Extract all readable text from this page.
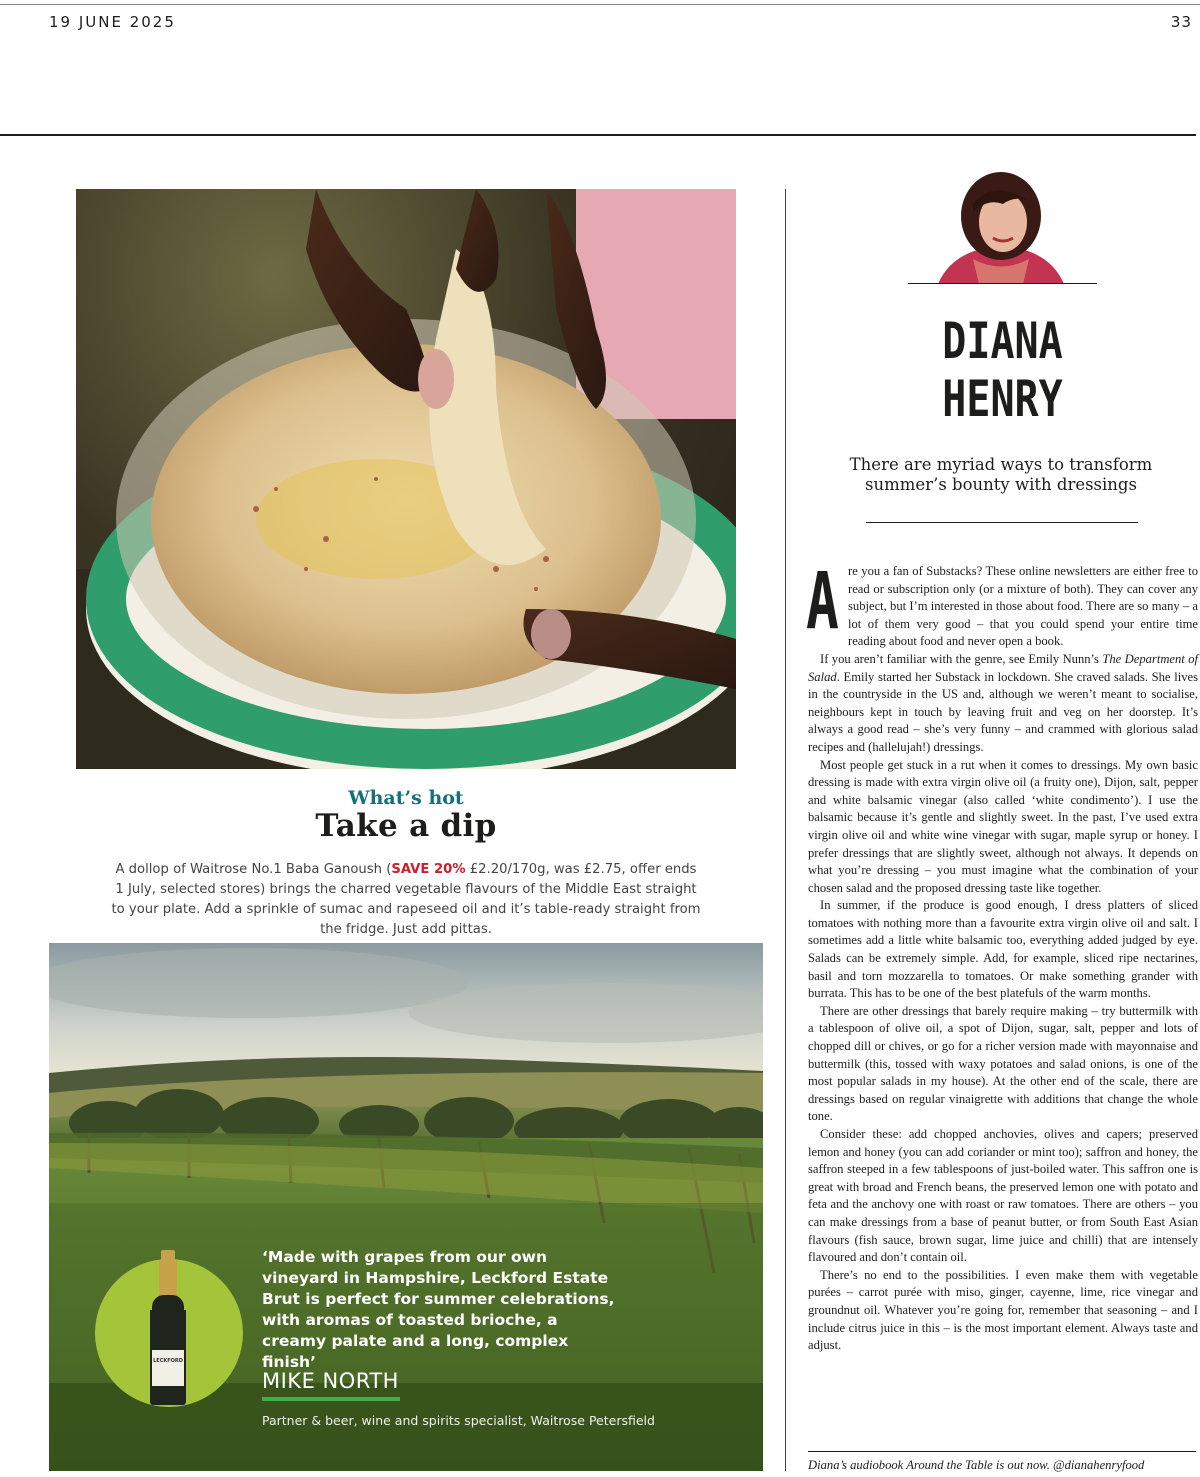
19 JUNE 2025	33
What’s hot
Take a dip
A dollop of Waitrose No.1 Baba Ganoush (SAVE 20% £2.20/170g, was £2.75, offer ends 1 July, selected stores) brings the charred vegetable flavours of the Middle East straight to your plate. Add a sprinkle of sumac and rapeseed oil and it’s table-ready straight from the fridge. Just add pittas.
LECKFORD
‘Made with grapes from our own vineyard in Hampshire, Leckford Estate Brut is perfect for summer celebrations, with aromas of toasted brioche, a creamy palate and a long, complex finish’
MIKE NORTH
Partner & beer, wine and spirits specialist, Waitrose Petersfield
DIANA
HENRY
There are myriad ways to transform summer’s bounty with dressings

Are you a fan of Substacks? These online newsletters are either free to read or subscription only (or a mixture of both). They can cover any subject, but I’m interested in those about food. There are so many – a lot of them very good – that you could spend your entire time reading about food and never open a book.

If you aren’t familiar with the genre, see Emily Nunn’s The Department of Salad. Emily started her Substack in lockdown. She craved salads. She lives in the countryside in the US and, although we weren’t meant to socialise, neighbours kept in touch by leaving fruit and veg on her doorstep. It’s always a good read – she’s very funny – and crammed with glorious salad recipes and (hallelujah!) dressings.

Most people get stuck in a rut when it comes to dressings. My own basic dressing is made with extra virgin olive oil (a fruity one), Dijon, salt, pepper and white balsamic vinegar (also called ‘white condimento’). I use the balsamic because it’s gentle and slightly sweet. In the past, I’ve used extra virgin olive oil and white wine vinegar with sugar, maple syrup or honey. I prefer dressings that are slightly sweet, although not always. It depends on what you’re dressing – you must imagine what the combination of your chosen salad and the proposed dressing taste like together.

In summer, if the produce is good enough, I dress platters of sliced tomatoes with nothing more than a favourite extra virgin olive oil and salt. I sometimes add a little white balsamic too, everything added judged by eye. Salads can be extremely simple. Add, for example, sliced ripe nectarines, basil and torn mozzarella to tomatoes. Or make something grander with burrata. This has to be one of the best platefuls of the warm months.

There are other dressings that barely require making – try buttermilk with a tablespoon of olive oil, a spot of Dijon, sugar, salt, pepper and lots of chopped dill or chives, or go for a richer version made with mayonnaise and buttermilk (this, tossed with waxy potatoes and salad onions, is one of the most popular salads in my house). At the other end of the scale, there are dressings based on regular vinaigrette with additions that change the whole tone.

Consider these: add chopped anchovies, olives and capers; preserved lemon and honey (you can add coriander or mint too); saffron and honey, the saffron steeped in a few tablespoons of just-boiled water. This saffron one is great with broad and French beans, the preserved lemon one with potato and feta and the anchovy one with roast or raw tomatoes. There are others – you can make dressings from a base of peanut butter, or from South East Asian flavours (fish sauce, brown sugar, lime juice and chilli) that are intensely flavoured and don’t contain oil.

There’s no end to the possibilities. I even make them with vegetable purées – carrot purée with miso, ginger, cayenne, lime, rice vinegar and groundnut oil. Whatever you’re going for, remember that seasoning – and I include citrus juice in this – is the most important element. Always taste and adjust.

Diana’s audiobook Around the Table is out now. @dianahenryfood
